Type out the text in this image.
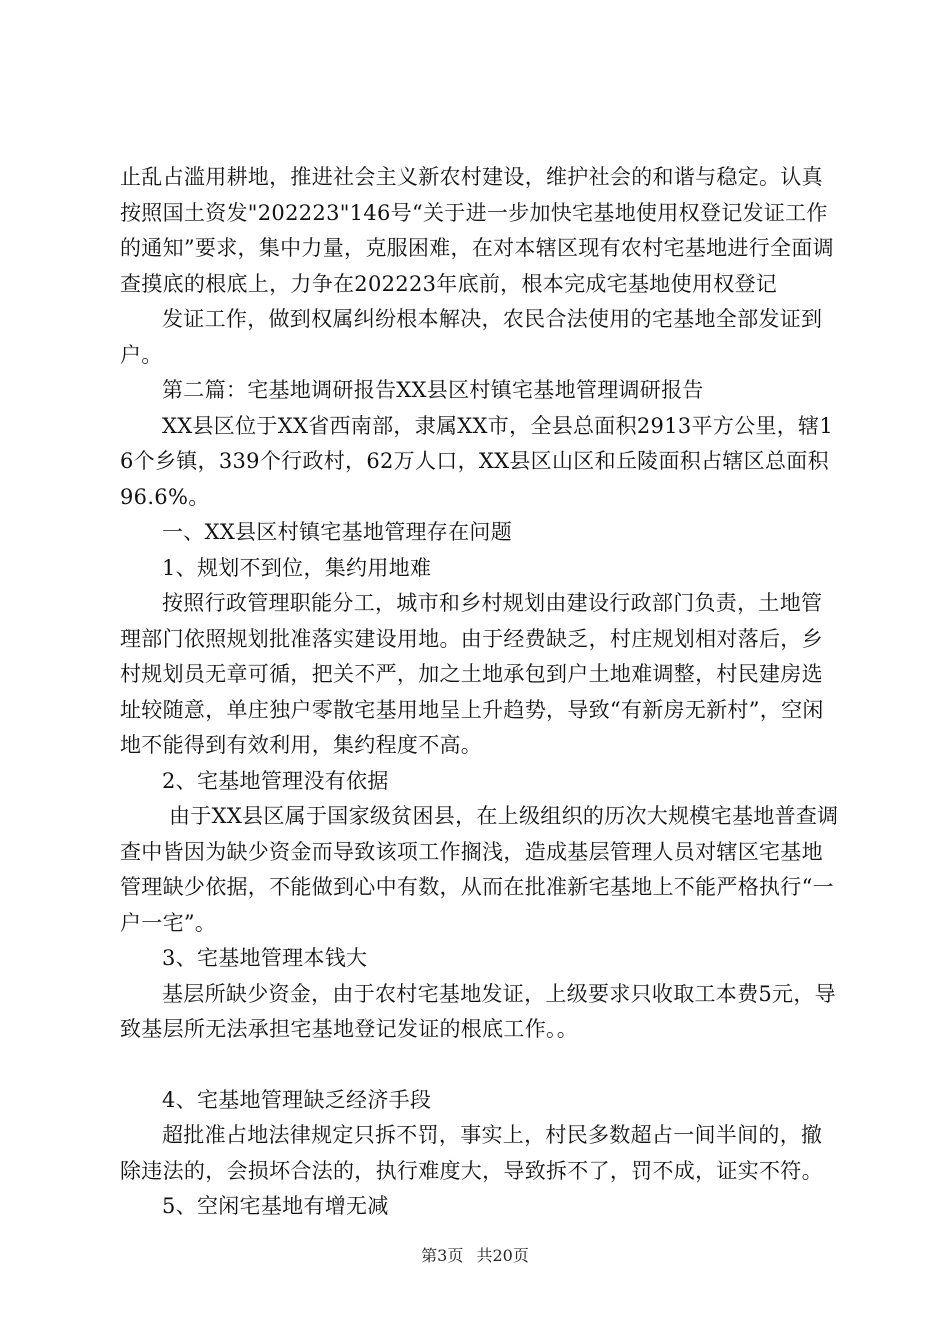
止乱占滥用耕地，推进社会主义新农村建设，维护社会的和谐与稳定。认真按照国土资发"202223"146号“关于进一步加快宅基地使用权登记发证工作的通知”要求，集中力量，克服困难，在对本辖区现有农村宅基地进行全面调查摸底的根底上，力争在202223年底前，根本完成宅基地使用权登记

发证工作，做到权属纠纷根本解决，农民合法使用的宅基地全部发证到户。

第二篇：宅基地调研报告XX县区村镇宅基地管理调研报告

XX县区位于XX省西南部，隶属XX市，全县总面积2913平方公里，辖16个乡镇，339个行政村，62万人口，XX县区山区和丘陵面积占辖区总面积96.6%。

一、XX县区村镇宅基地管理存在问题

1、规划不到位，集约用地难

按照行政管理职能分工，城市和乡村规划由建设行政部门负责，土地管理部门依照规划批准落实建设用地。由于经费缺乏，村庄规划相对落后，乡村规划员无章可循，把关不严，加之土地承包到户土地难调整，村民建房选址较随意，单庄独户零散宅基用地呈上升趋势，导致“有新房无新村”，空闲地不能得到有效利用，集约程度不高。

2、宅基地管理没有依据

由于XX县区属于国家级贫困县，在上级组织的历次大规模宅基地普查调查中皆因为缺少资金而导致该项工作搁浅，造成基层管理人员对辖区宅基地管理缺少依据，不能做到心中有数，从而在批准新宅基地上不能严格执行“一户一宅”。

3、宅基地管理本钱大

基层所缺少资金，由于农村宅基地发证，上级要求只收取工本费5元，导致基层所无法承担宅基地登记发证的根底工作。。

4、宅基地管理缺乏经济手段

超批准占地法律规定只拆不罚，事实上，村民多数超占一间半间的，撤除违法的，会损坏合法的，执行难度大，导致拆不了，罚不成，证实不符。

5、空闲宅基地有增无减

第3页 共20页
